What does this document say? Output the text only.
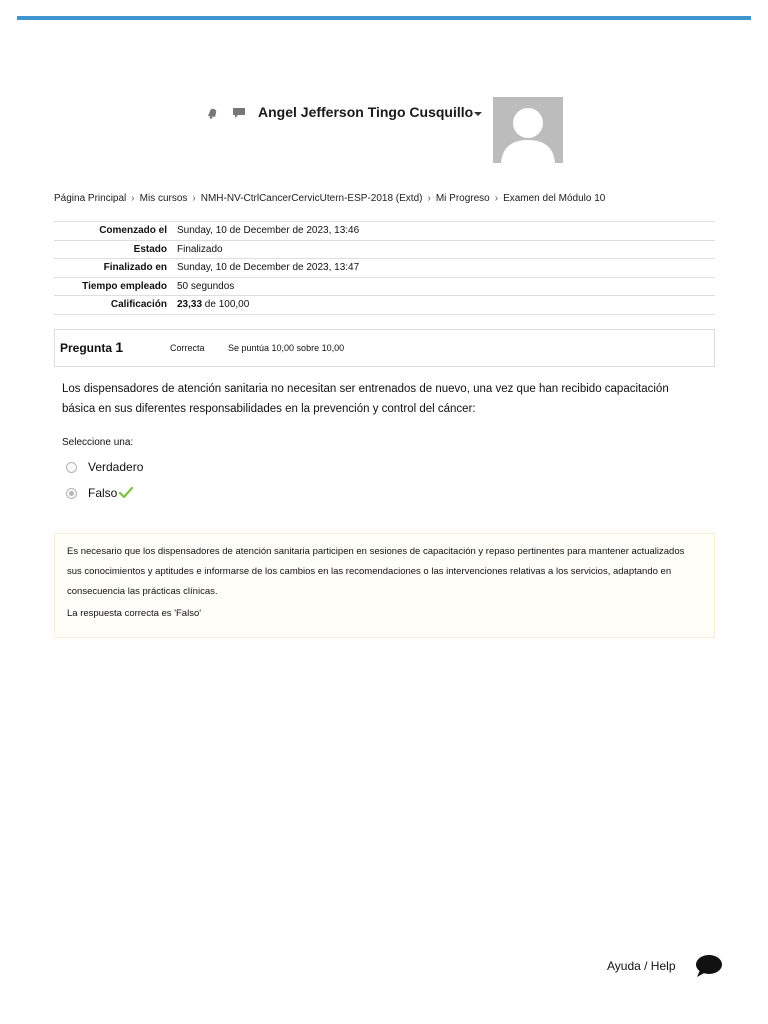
Angel Jefferson Tingo Cusquillo
Página Principal › Mis cursos › NMH-NV-CtrlCancerCervicUtern-ESP-2018 (Extd) › Mi Progreso › Examen del Módulo 10
Comenzado el	Sunday, 10 de December de 2023, 13:46
Estado	Finalizado
Finalizado en	Sunday, 10 de December de 2023, 13:47
Tiempo empleado	50 segundos
Calificación	23,33 de 100,00
Pregunta 1	Correcta	Se puntúa 10,00 sobre 10,00
Los dispensadores de atención sanitaria no necesitan ser entrenados de nuevo, una vez que han recibido capacitación básica en sus diferentes responsabilidades en la prevención y control del cáncer:
Seleccione una:
Verdadero
Falso
Es necesario que los dispensadores de atención sanitaria participen en sesiones de capacitación y repaso pertinentes para mantener actualizados sus conocimientos y aptitudes e informarse de los cambios en las recomendaciones o las intervenciones relativas a los servicios, adaptando en consecuencia las prácticas clínicas.
La respuesta correcta es 'Falso'
Ayuda / Help
